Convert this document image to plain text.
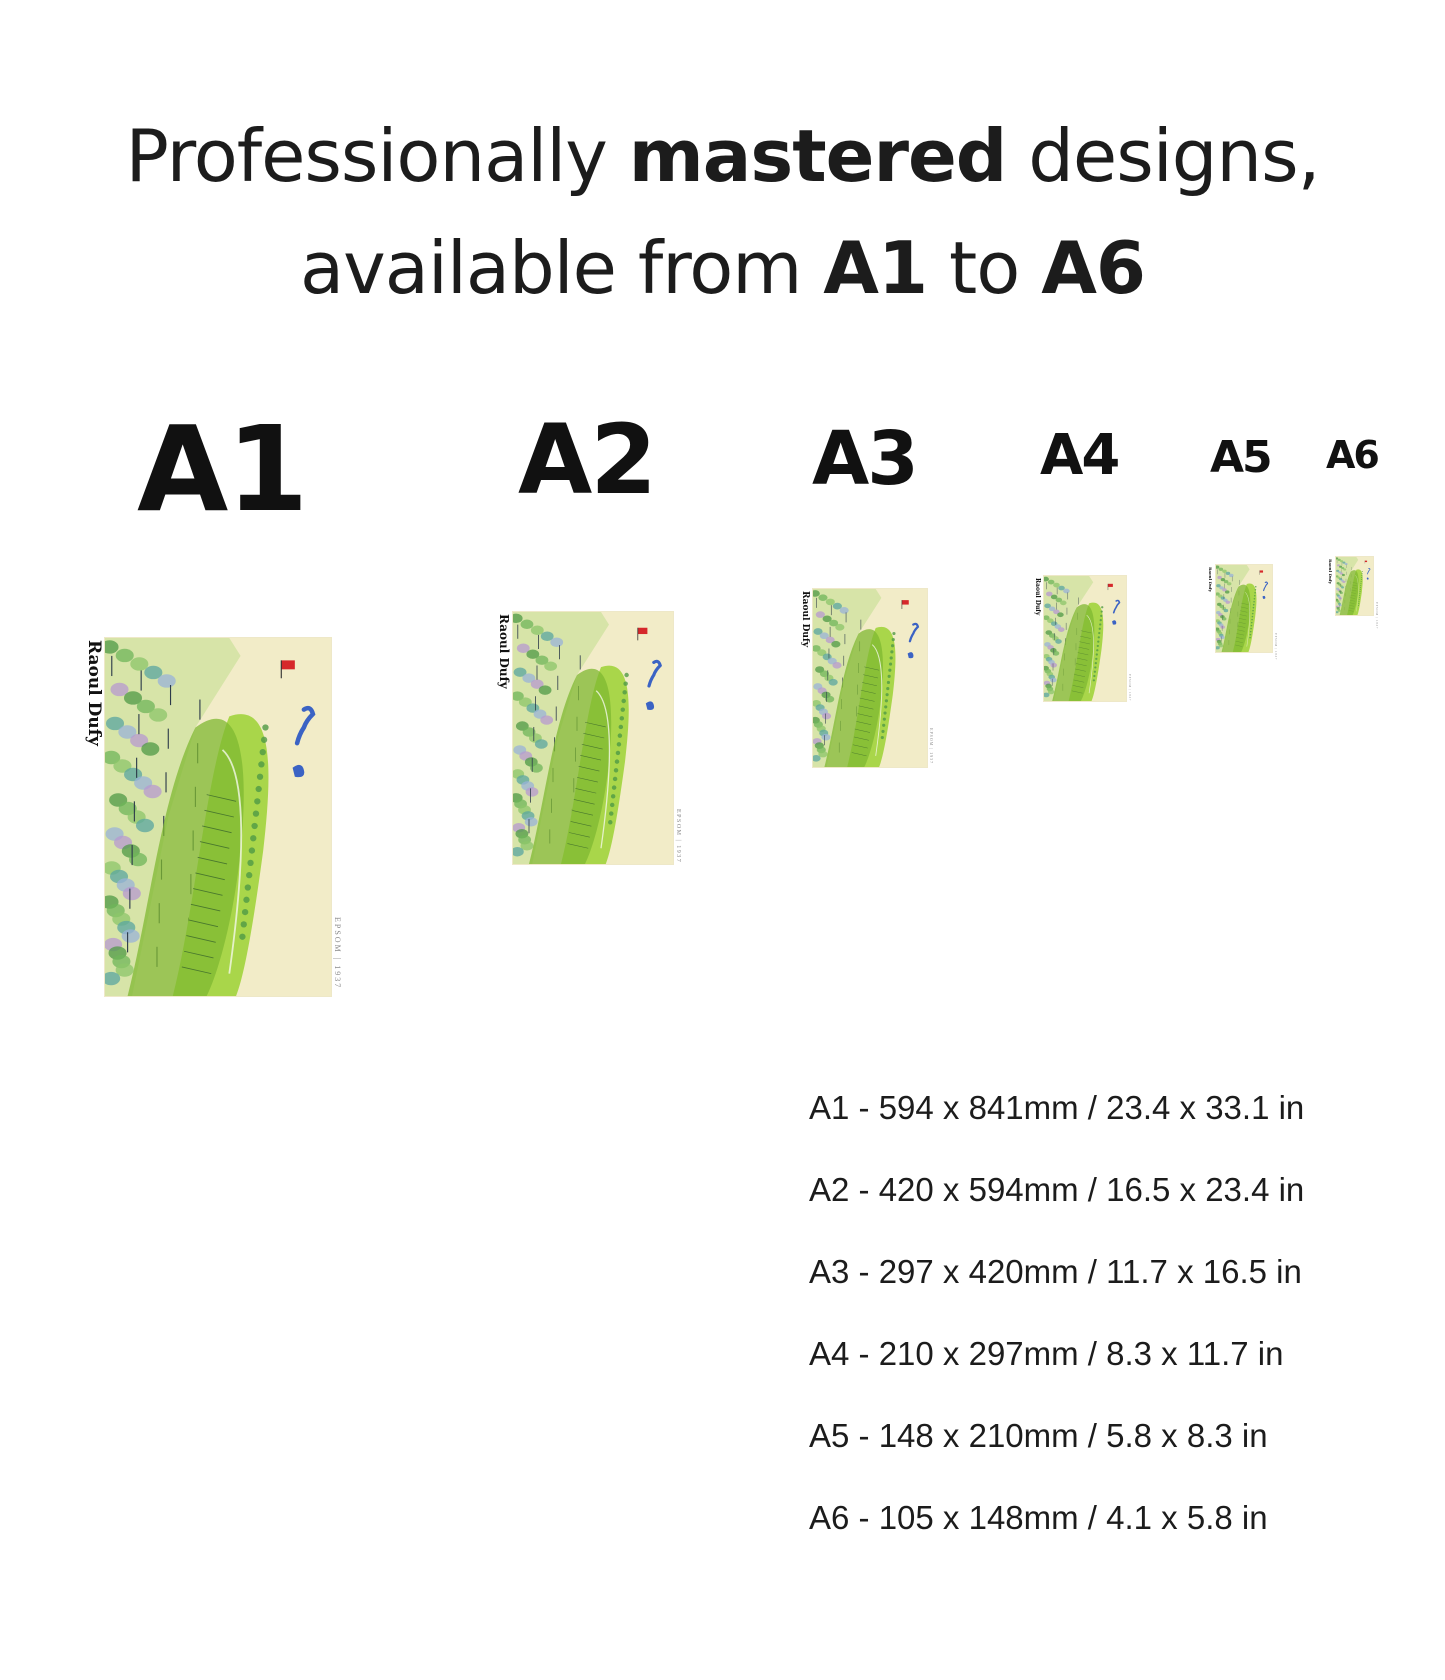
Professionally mastered designs,
available from A1 to A6
A1 A2 A3 A4 A5 A6
Raoul Dufy
EPSOM | 1937
Raoul Dufy
EPSOM | 1937
Raoul Dufy
EPSOM | 1937
Raoul Dufy
EPSOM | 1937
Raoul Dufy
EPSOM | 1937
Raoul Dufy
EPSOM | 1937
A1 - 594 x 841mm / 23.4 x 33.1 in
A2 - 420 x 594mm / 16.5 x 23.4 in
A3 - 297 x 420mm / 11.7 x 16.5 in
A4 - 210 x 297mm / 8.3 x 11.7 in
A5 - 148 x 210mm / 5.8 x 8.3 in
A6 - 105 x 148mm / 4.1 x 5.8 in
